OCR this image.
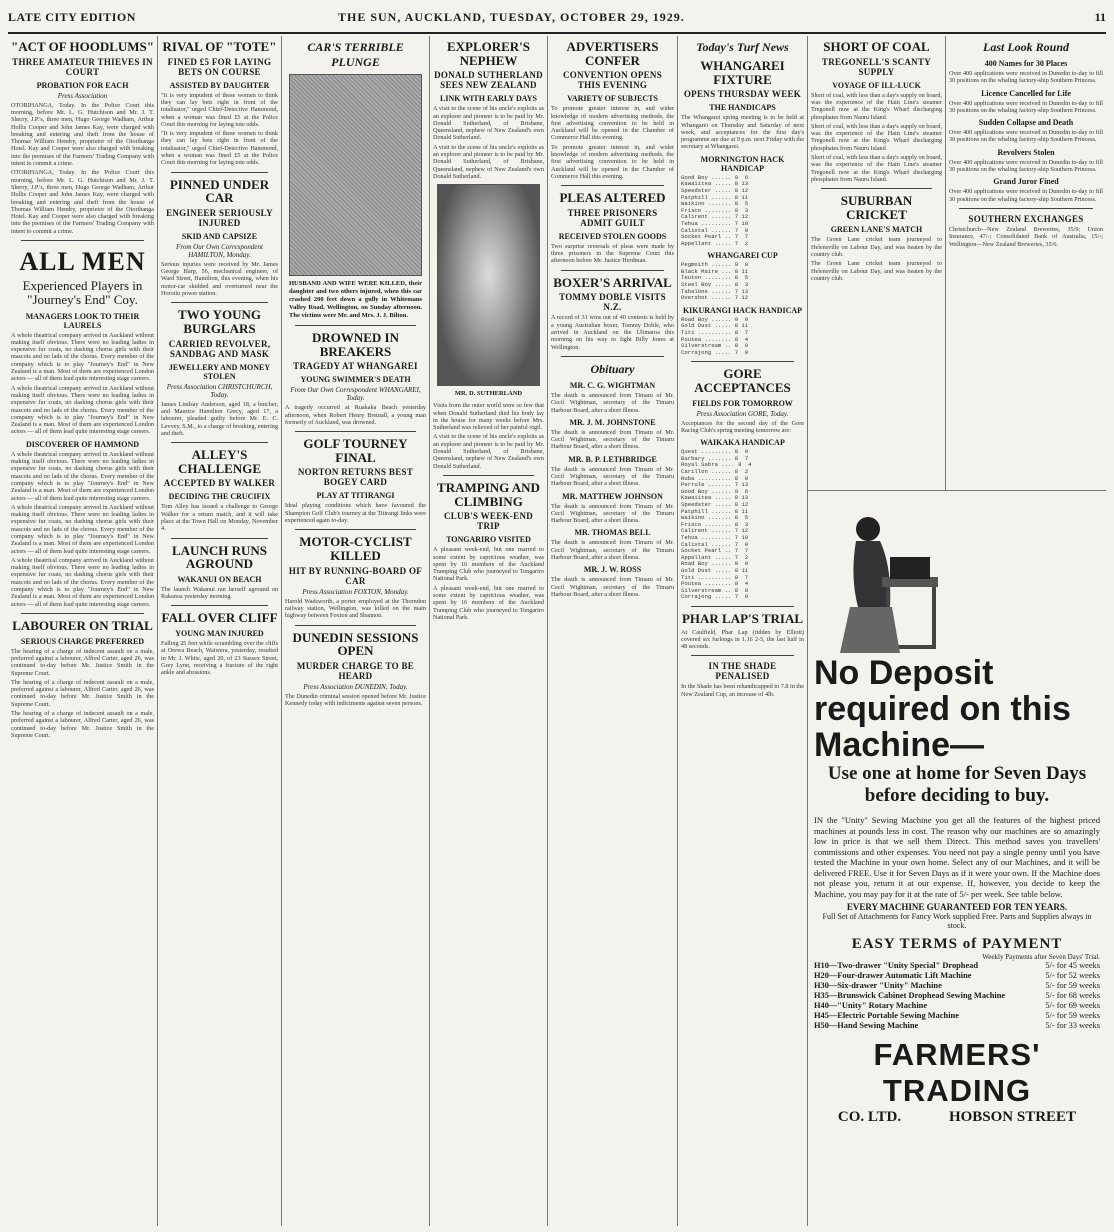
LATE CITY EDITION	THE SUN, AUCKLAND, TUESDAY, OCTOBER 29, 1929.	11
"ACT OF HOODLUMS"
THREE AMATEUR THIEVES IN COURT
PROBATION FOR EACH
Press Association

OTORIHANGA, Today. In the Police Court this morning, before Mr. L. G. Hutchison and Mr. J. T. Sherry, J.P.'s, three men, Hugo George Wadham, Arthur Hollis Cooper and John James Kay, were charged with breaking and entering and theft from the house of Thomas William Hendry, proprietor of the Otorihanga Hotel. Kay and Cooper were also charged with breaking into the premises of the Farmers' Trading Company with intent to commit a crime.

OTORIHANGA, Today. In the Police Court this morning, before Mr. L. G. Hutchison and Mr. J. T. Sherry, J.P.'s, three men, Hugo George Wadham, Arthur Hollis Cooper and John James Kay, were charged with breaking and entering and theft from the house of Thomas William Hendry, proprietor of the Otorihanga Hotel. Kay and Cooper were also charged with breaking into the premises of the Farmers' Trading Company with intent to commit a crime.

ALL MEN
Experienced Players in "Journey's End" Coy.
MANAGERS LOOK TO THEIR LAURELS

A whole theatrical company arrived in Auckland without making itself obvious. There were no leading ladies in expensive fur coats, no dashing chorus girls with their mascots and no lads of the chorus. Every member of the company which is to play "Journey's End" in New Zealand is a man. Most of them are experienced London actors — all of them lead quite interesting stage careers.

A whole theatrical company arrived in Auckland without making itself obvious. There were no leading ladies in expensive fur coats, no dashing chorus girls with their mascots and no lads of the chorus. Every member of the company which is to play "Journey's End" in New Zealand is a man. Most of them are experienced London actors — all of them lead quite interesting stage careers.

DISCOVERER OF HAMMOND

A whole theatrical company arrived in Auckland without making itself obvious. There were no leading ladies in expensive fur coats, no dashing chorus girls with their mascots and no lads of the chorus. Every member of the company which is to play "Journey's End" in New Zealand is a man. Most of them are experienced London actors — all of them lead quite interesting stage careers.

A whole theatrical company arrived in Auckland without making itself obvious. There were no leading ladies in expensive fur coats, no dashing chorus girls with their mascots and no lads of the chorus. Every member of the company which is to play "Journey's End" in New Zealand is a man. Most of them are experienced London actors — all of them lead quite interesting stage careers.

A whole theatrical company arrived in Auckland without making itself obvious. There were no leading ladies in expensive fur coats, no dashing chorus girls with their mascots and no lads of the chorus. Every member of the company which is to play "Journey's End" in New Zealand is a man. Most of them are experienced London actors — all of them lead quite interesting stage careers.

LABOURER ON TRIAL
SERIOUS CHARGE PREFERRED

The hearing of a charge of indecent assault on a male, preferred against a labourer, Alfred Carter, aged 26, was continued to-day before Mr. Justice Smith in the Supreme Court.

The hearing of a charge of indecent assault on a male, preferred against a labourer, Alfred Carter, aged 26, was continued to-day before Mr. Justice Smith in the Supreme Court.

The hearing of a charge of indecent assault on a male, preferred against a labourer, Alfred Carter, aged 26, was continued to-day before Mr. Justice Smith in the Supreme Court.

RIVAL OF "TOTE"
FINED £5 FOR LAYING BETS ON COURSE
ASSISTED BY DAUGHTER

"It is very impudent of these women to think they can lay bets right in front of the totalisator," urged Chief-Detective Hammond, when a woman was fined £5 at the Police Court this morning for laying tote odds.

"It is very impudent of these women to think they can lay bets right in front of the totalisator," urged Chief-Detective Hammond, when a woman was fined £5 at the Police Court this morning for laying tote odds.

PINNED UNDER CAR
ENGINEER SERIOUSLY INJURED
SKID AND CAPSIZE
From Our Own Correspondent HAMILTON, Monday.

Serious injuries were received by Mr. James George Harp, 56, mechanical engineer, of Ward Street, Hamilton, this evening, when his motor-car skidded and overturned near the Horotiu power station.

TWO YOUNG BURGLARS
CARRIED REVOLVER, SANDBAG AND MASK
JEWELLERY AND MONEY STOLEN
Press Association CHRISTCHURCH, Today.

James Lindsay Anderson, aged 18, a butcher, and Maurice Hamilton Grecy, aged 17, a labourer, pleaded guilty before Mr. E. C. Levvey, S.M., to a charge of breaking, entering and theft.

ALLEY'S CHALLENGE
ACCEPTED BY WALKER
DECIDING THE CRUCIFIX

Tom Alley has issued a challenge to George Walker for a return match, and it will take place at the Town Hall on Monday, November 4.

LAUNCH RUNS AGROUND
WAKANUI ON BEACH

The launch Wakanui ran herself aground on Rakanoa yesterday morning.

FALL OVER CLIFF
YOUNG MAN INJURED

Falling 25 feet while scrambling over the cliffs at Orewa Beach, Waiwera, yesterday, resulted in Mr. J. White, aged 20, of 23 Sussex Street, Grey Lynn, receiving a fracture of the right ankle and abrasions.

CAR'S TERRIBLE PLUNGE

HUSBAND AND WIFE WERE KILLED, their daughter and two others injured, when this car crashed 200 feet down a gully in Whitemans Valley Road, Wellington, on Sunday afternoon. The victims were Mr. and Mrs. J. J. Bilton.

DROWNED IN BREAKERS
TRAGEDY AT WHANGAREI
YOUNG SWIMMER'S DEATH
From Our Own Correspondent WHANGAREI, Today.

A tragedy occurred at Ruakaka Beach yesterday afternoon, when Robert Henry Bretnall, a young man formerly of Auckland, was drowned.

GOLF TOURNEY FINAL
NORTON RETURNS BEST BOGEY CARD
PLAY AT TITIRANGI

Ideal playing conditions which have favoured the Shampion Golf Club's tourney at the Titirangi links were experienced again to-day.

MOTOR-CYCLIST KILLED
HIT BY RUNNING-BOARD OF CAR
Press Association FOXTON, Monday.

Harold Wadsworth, a porter employed at the Thorndon railway station, Wellington, was killed on the main highway between Foxton and Shannon.

DUNEDIN SESSIONS OPEN
MURDER CHARGE TO BE HEARD
Press Association DUNEDIN, Today.

The Dunedin criminal session opened before Mr. Justice Kennedy today with indictments against seven persons.

EXPLORER'S NEPHEW
DONALD SUTHERLAND SEES NEW ZEALAND
LINK WITH EARLY DAYS

A visit to the scene of his uncle's exploits as an explorer and pioneer is to be paid by Mr. Donald Sutherland, of Brisbane, Queensland, nephew of New Zealand's own Donald Sutherland.

A visit to the scene of his uncle's exploits as an explorer and pioneer is to be paid by Mr. Donald Sutherland, of Brisbane, Queensland, nephew of New Zealand's own Donald Sutherland.

MR. D. SUTHERLAND

Visits from the outer world were so few that when Donald Sutherland died his body lay in the house for many weeks before Mrs. Sutherland was relieved of her painful vigil.

A visit to the scene of his uncle's exploits as an explorer and pioneer is to be paid by Mr. Donald Sutherland, of Brisbane, Queensland, nephew of New Zealand's own Donald Sutherland.

TRAMPING AND CLIMBING
CLUB'S WEEK-END TRIP
TONGARIRO VISITED

A pleasant week-end, but one marred to some extent by capricious weather, was spent by 16 members of the Auckland Tramping Club who journeyed to Tongariro National Park.

A pleasant week-end, but one marred to some extent by capricious weather, was spent by 16 members of the Auckland Tramping Club who journeyed to Tongariro National Park.

ADVERTISERS CONFER
CONVENTION OPENS THIS EVENING
VARIETY OF SUBJECTS

To promote greater interest in, and wider knowledge of modern advertising methods, the first advertising convention to be held in Auckland will be opened in the Chamber of Commerce Hall this evening.

To promote greater interest in, and wider knowledge of modern advertising methods, the first advertising convention to be held in Auckland will be opened in the Chamber of Commerce Hall this evening.

PLEAS ALTERED
THREE PRISONERS ADMIT GUILT
RECEIVED STOLEN GOODS

Two surprise reversals of pleas were made by three prisoners in the Supreme Court this afternoon before Mr. Justice Herdman.

BOXER'S ARRIVAL
TOMMY DOBLE VISITS N.Z.

A record of 31 wins out of 40 contests is held by a young Australian boxer, Tommy Doble, who arrived in Auckland on the Ulimaroa this morning on his way to fight Billy Jones at Wellington.

Obituary
MR. C. G. WIGHTMAN

The death is announced from Timaru of Mr. Cecil Wightman, secretary of the Timaru Harbour Board, after a short illness.

MR. J. M. JOHNSTONE

The death is announced from Timaru of Mr. Cecil Wightman, secretary of the Timaru Harbour Board, after a short illness.

MR. B. P. LETHBRIDGE

The death is announced from Timaru of Mr. Cecil Wightman, secretary of the Timaru Harbour Board, after a short illness.

MR. MATTHEW JOHNSON

The death is announced from Timaru of Mr. Cecil Wightman, secretary of the Timaru Harbour Board, after a short illness.

MR. THOMAS BELL

The death is announced from Timaru of Mr. Cecil Wightman, secretary of the Timaru Harbour Board, after a short illness.

MR. J. W. ROSS

The death is announced from Timaru of Mr. Cecil Wightman, secretary of the Timaru Harbour Board, after a short illness.

Today's Turf News
WHANGAREI FIXTURE
OPENS THURSDAY WEEK
THE HANDICAPS

The Whangarei spring meeting is to be held at Whangarei on Thursday and Saturday of next week, and acceptances for the first day's programme are due at 9 p.m. next Friday with the secretary at Whangarei.

MORNINGTON HACK HANDICAP
Good Boy ...... 9  6
Kawaiitea ..... 8 13
Speedster ..... 8 12
Patphill ...... 8 11
Waikino ....... 8  5
Frisco ........ 8  3
Calirent ...... 7 12
Tehua ......... 7 10
Calixtal ...... 7  9
Socket Pearl .. 7  7
Appellant ..... 7  2
WHANGAREI CUP
Pegmoith ...... 9  0
Black Maire ... 8 11
Teuton ........ 8  5
Steel Boy ..... 8  3
Tahalone ...... 7 13
Overshot ...... 7 12
KIKURANGI HACK HANDICAP
Road Boy ...... 9  0
Gold Dust ..... 8 11
Titi .......... 8  7
Poutea ........ 8  4
Silverstream .. 8  0
Corrajong ..... 7  9
GORE ACCEPTANCES
FIELDS FOR TOMORROW
Press Association GORE, Today.

Acceptances for the second day of the Gore Racing Club's spring meeting tomorrow are:

WAIKAKA HANDICAP
Quest ......... 8  9
Barbary ....... 8  7
Royal Sabra .... 8  4
Carillon ...... 8  2
Ruba .......... 8  0
Perrule ....... 7 13
Good Boy ...... 9  6
Kawaiitea ..... 8 13
Speedster ..... 8 12
Patphill ...... 8 11
Waikino ....... 8  5
Frisco ........ 8  3
Calirent ...... 7 12
Tehua ......... 7 10
Calixtal ...... 7  9
Socket Pearl .. 7  7
Appellant ..... 7  2
Road Boy ...... 9  0
Gold Dust ..... 8 11
Titi .......... 8  7
Poutea ........ 8  4
Silverstream .. 8  0
Corrajong ..... 7  9
PHAR LAP'S TRIAL

At Caulfield, Phar Lap (ridden by Elliott) covered six furlongs in 1.16 2-5, the last half in 48 seconds.

IN THE SHADE PENALISED

In the Shade has been rehandicapped to 7.8 in the New Zealand Cup, an increase of 4lb.

SHORT OF COAL
TREGONELL'S SCANTY SUPPLY
VOYAGE OF ILL-LUCK

Short of coal, with less than a day's supply on board, was the experience of the Hain Line's steamer Tregonell now at the King's Wharf discharging phosphates from Nauru Island.

Short of coal, with less than a day's supply on board, was the experience of the Hain Line's steamer Tregonell now at the King's Wharf discharging phosphates from Nauru Island.

Short of coal, with less than a day's supply on board, was the experience of the Hain Line's steamer Tregonell now at the King's Wharf discharging phosphates from Nauru Island.

SUBURBAN CRICKET
GREEN LANE'S MATCH

The Green Lane cricket team journeyed to Helensville on Labour Day, and was beaten by the country club.

The Green Lane cricket team journeyed to Helensville on Labour Day, and was beaten by the country club.

Last Look Round
400 Names for 30 Places

Over 400 applications were received in Dunedin to-day to fill 30 positions on the whaling factory-ship Southern Princess.

Licence Cancelled for Life

Over 400 applications were received in Dunedin to-day to fill 30 positions on the whaling factory-ship Southern Princess.

Sudden Collapse and Death

Over 400 applications were received in Dunedin to-day to fill 30 positions on the whaling factory-ship Southern Princess.

Revolvers Stolen

Over 400 applications were received in Dunedin to-day to fill 30 positions on the whaling factory-ship Southern Princess.

Grand Juror Fined

Over 400 applications were received in Dunedin to-day to fill 30 positions on the whaling factory-ship Southern Princess.

SOUTHERN EXCHANGES

Christchurch—New Zealand Breweries, 35/9; Union Insurance, 47/-; Consolidated Bank of Australia, 15/-; Wellington—New Zealand Breweries, 35/6.

No Deposit required on this Machine—
Use one at home for Seven Days before deciding to buy.
IN the "Unity" Sewing Machine you get all the features of the highest priced machines at pounds less in cost. The reason why our machines are so amazingly low in price is that we sell them Direct. This method saves you travellers' commissions and other expenses. You need not pay a single penny until you have tested the Machine in your own home. Select any of our Machines, and it will be delivered FREE. Use it for Seven Days as if it were your own. If the Machine does not please you, return it at our expense. If, however, you decide to keep the Machine, you may pay for it at the rate of 5/- per week. See table below.
EVERY MACHINE GUARANTEED FOR TEN YEARS.
Full Set of Attachments for Fancy Work supplied Free. Parts and Supplies always in stock.
EASY TERMS of PAYMENT
Weekly Payments after Seven Days' Trial.
H10—Two-drawer "Unity Special" Drophead	5/- for 45 weeks
H20—Four-drawer Automatic Lift Machine	5/- for 52 weeks
H30—Six-drawer "Unity" Machine	5/- for 59 weeks
H35—Brunswick Cabinet Drophead Sewing Machine	5/- for 68 weeks
H40—"Unity" Rotary Machine	5/- for 69 weeks
H45—Electric Portable Sewing Machine	5/- for 59 weeks
H50—Hand Sewing Machine	5/- for 33 weeks
FARMERS' TRADING
CO. LTD.	HOBSON STREET
